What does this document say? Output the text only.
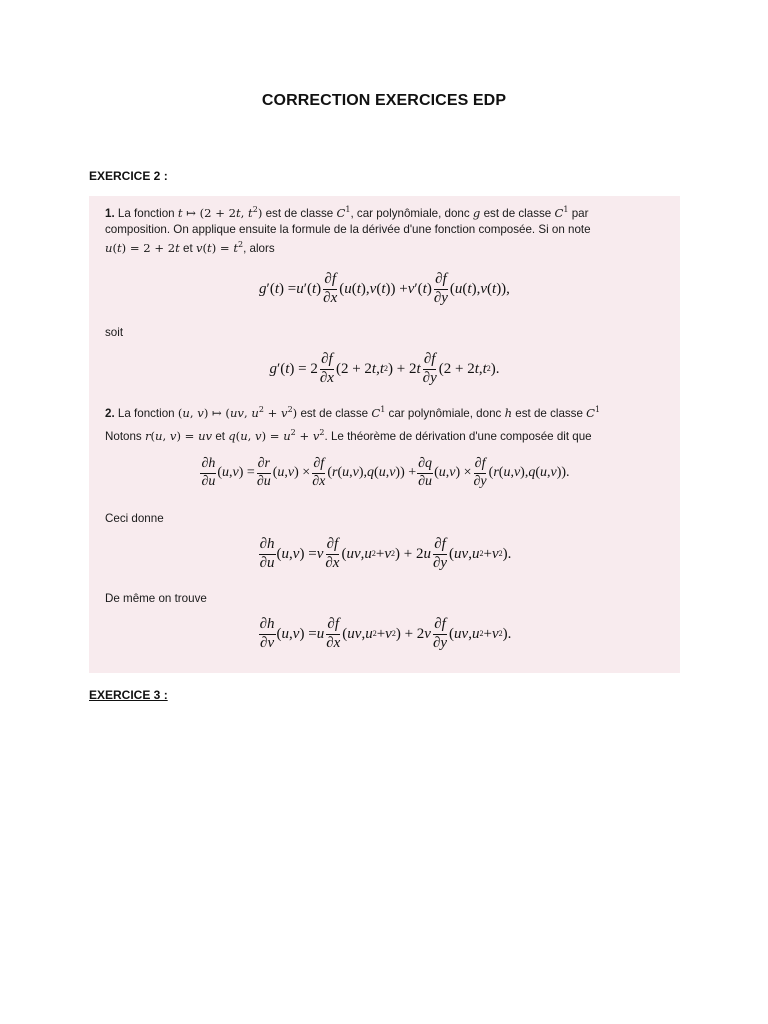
CORRECTION EXERCICES EDP
EXERCICE 2 :
1. La fonction t ↦ (2 + 2t, $t^2$) est de classe $C^1$, car polynômiale, donc g est de classe $C^1$ par
composition. On applique ensuite la formule de la dérivée d'une fonction composée. Si on note
u(t) = 2 + 2t et $v(t) = t^2$, alors
g ′( t ) = u ′( t ) $\frac{\partial f}{\partial x}$ ( u ( t ), v ( t )) + v ′( t ) $\frac{\partial f}{\partial y}$ ( u ( t ), v ( t )),
soit
g ′( t ) = $2 \frac{\partial f}{\partial x} (2 + 2$ t , t 2 ) + 2 t $\frac{\partial f}{\partial y} (2 + 2$ t , t 2 ).
2. La fonction (u, v) ↦ (uv, $u^2 + v^2$) est de classe $C^1$ car polynômiale, donc h est de classe $C^1$
Notons r(u, v) = uv et q(u, $v) = u^2 + v^2$. Le théorème de dérivation d'une composée dit que
$\frac{\partial h}{\partial u}$ ( u , v ) = $\frac{\partial r}{\partial u}$ ( u , v ) × $\frac{\partial f}{\partial x}$ ( r ( u , v ), q ( u , v )) + $\frac{\partial q}{\partial u}$ ( u , v ) × $\frac{\partial f}{\partial y}$ ( r ( u , v ), q ( u , v )).
Ceci donne
$\frac{\partial h}{\partial u}$ ( u , v ) = v $\frac{\partial f}{\partial x}$ ( uv , u 2 + v 2 ) + 2 u $\frac{\partial f}{\partial y}$ ( uv , u 2 + v 2 ).
De même on trouve
$\frac{\partial h}{\partial v}$ ( u , v ) = u $\frac{\partial f}{\partial x}$ ( uv , u 2 + v 2 ) + 2 v $\frac{\partial f}{\partial y}$ ( uv , u 2 + v 2 ).
EXERCICE 3 :
